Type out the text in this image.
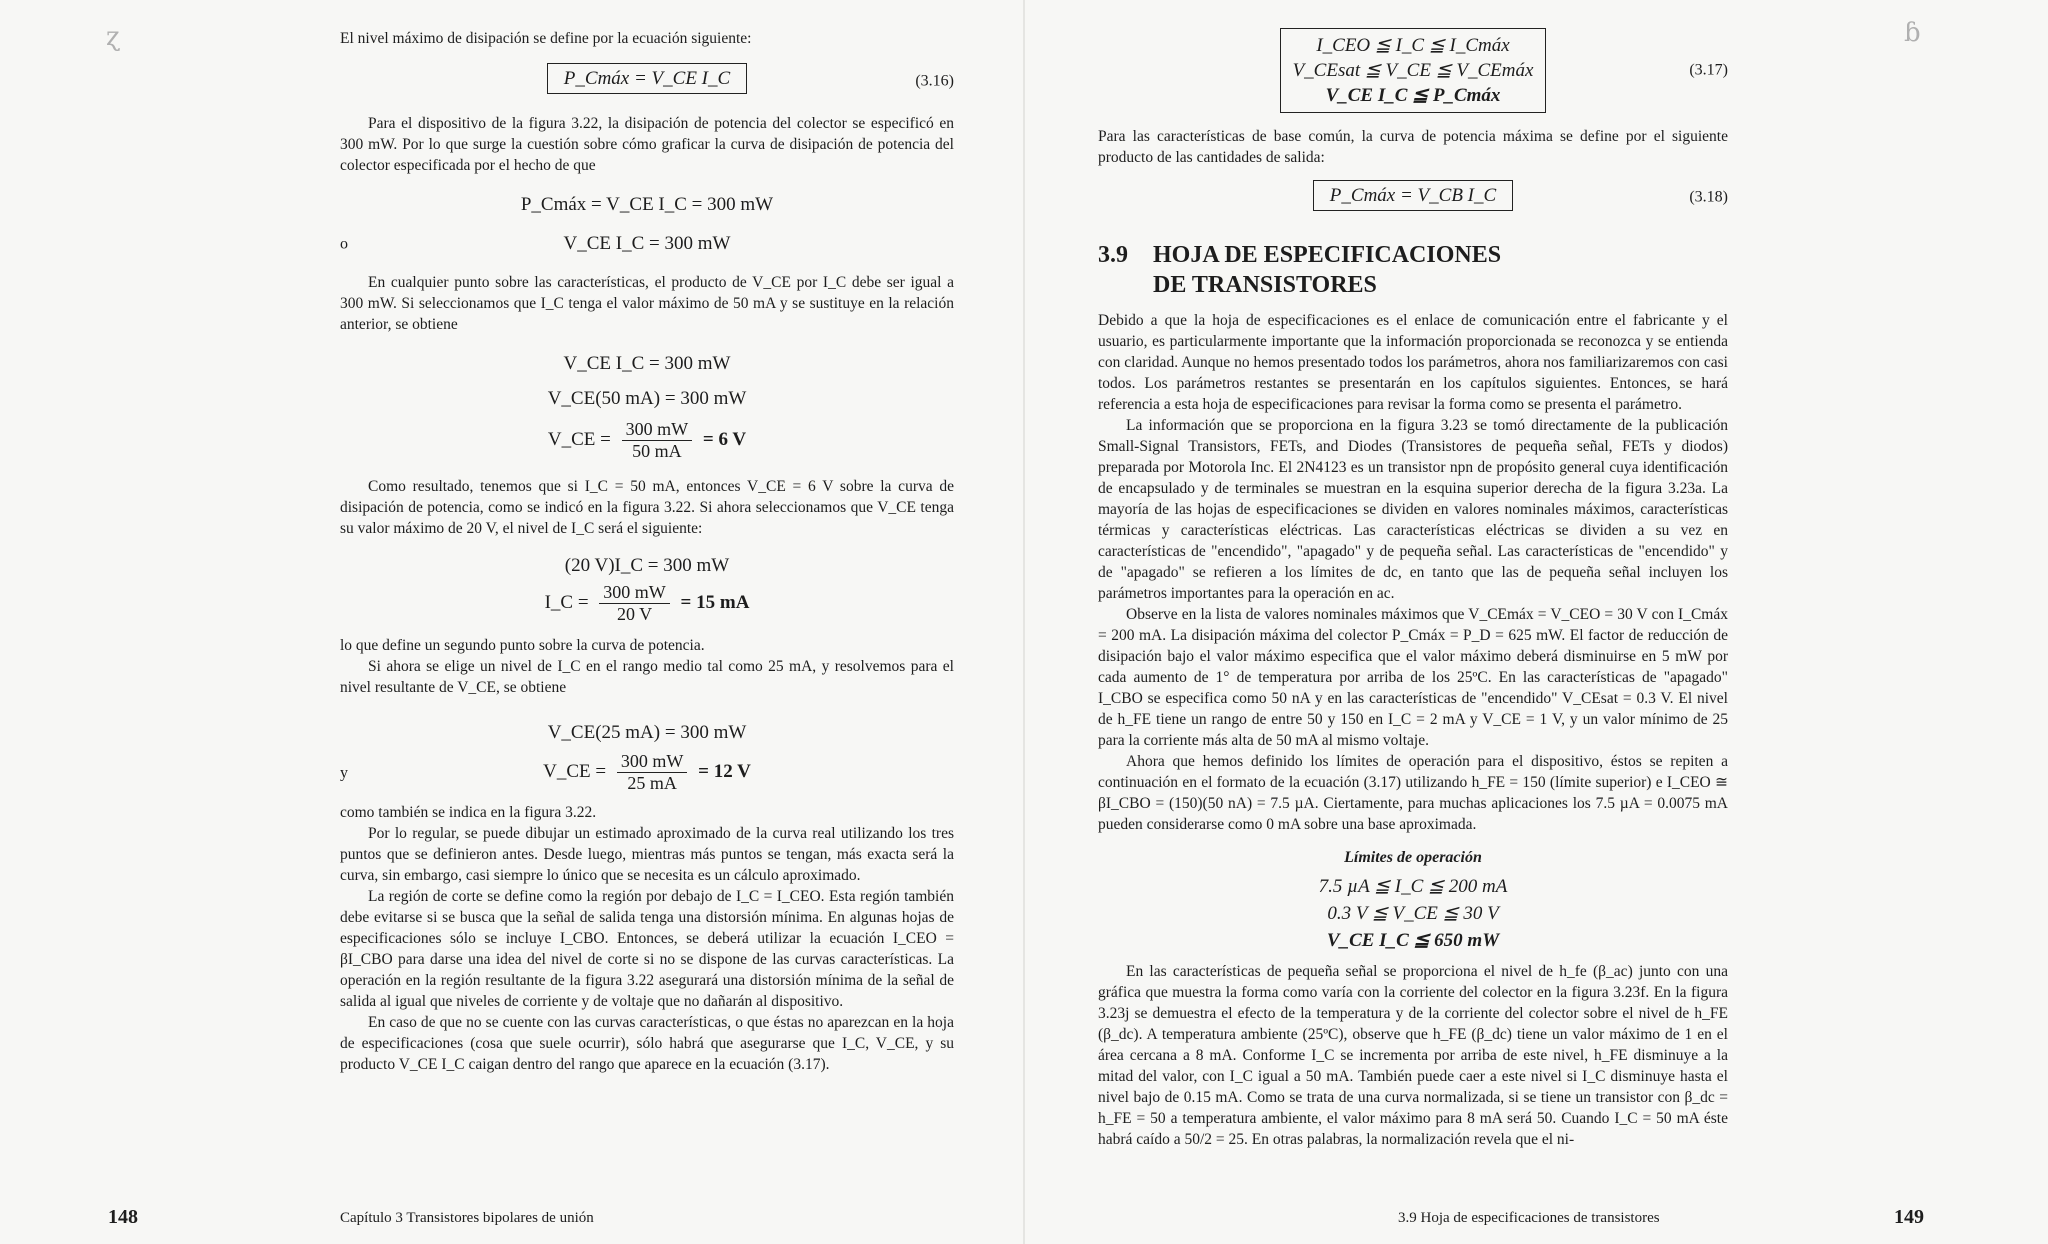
ɀ	El nivel máximo de disipación se define por la ecuación siguiente:

P_Cmáx = V_CE I_C	(3.16)

Para el dispositivo de la figura 3.22, la disipación de potencia del colector se especificó en 300 mW. Por lo que surge la cuestión sobre cómo graficar la curva de disipación de potencia del colector especificada por el hecho de que

P_Cmáx = V_CE I_C = 300 mW
o	V_CE I_C = 300 mW

En cualquier punto sobre las características, el producto de V_CE por I_C debe ser igual a 300 mW. Si seleccionamos que I_C tenga el valor máximo de 50 mA y se sustituye en la relación anterior, se obtiene

V_CE I_C = 300 mW
V_CE(50 mA) = 300 mW
V_CE = $\frac{300 mW}{50 mA} = 6$ V

Como resultado, tenemos que si I_C = 50 mA, entonces V_CE = 6 V sobre la curva de disipación de potencia, como se indicó en la figura 3.22. Si ahora seleccionamos que V_CE tenga su valor máximo de 20 V, el nivel de I_C será el siguiente:

(20 V)I_C = 300 mW
I_C = $\frac{300 mW}{20 V} = 15$ mA

lo que define un segundo punto sobre la curva de potencia.

Si ahora se elige un nivel de I_C en el rango medio tal como 25 mA, y resolvemos para el nivel resultante de V_CE, se obtiene

V_CE(25 mA) = 300 mW
y	V_CE = $\frac{300 mW}{25 mA} = 12$ V

como también se indica en la figura 3.22.

Por lo regular, se puede dibujar un estimado aproximado de la curva real utilizando los tres puntos que se definieron antes. Desde luego, mientras más puntos se tengan, más exacta será la curva, sin embargo, casi siempre lo único que se necesita es un cálculo aproximado.

La región de corte se define como la región por debajo de I_C = I_CEO. Esta región también debe evitarse si se busca que la señal de salida tenga una distorsión mínima. En algunas hojas de especificaciones sólo se incluye I_CBO. Entonces, se deberá utilizar la ecuación I_CEO = βI_CBO para darse una idea del nivel de corte si no se dispone de las curvas características. La operación en la región resultante de la figura 3.22 asegurará una distorsión mínima de la señal de salida al igual que niveles de corriente y de voltaje que no dañarán al dispositivo.

En caso de que no se cuente con las curvas características, o que éstas no aparezcan en la hoja de especificaciones (cosa que suele ocurrir), sólo habrá que asegurarse que I_C, V_CE, y su producto V_CE I_C caigan dentro del rango que aparece en la ecuación (3.17).

148	Capítulo 3 Transistores bipolares de unión
ɓ
I_CEO ≦ I_C ≦ I_Cmáx
V_CEsat ≦ V_CE ≦ V_CEmáx
V_CE I_C ≦ P_Cmáx
(3.17)

Para las características de base común, la curva de potencia máxima se define por el siguiente producto de las cantidades de salida:

P_Cmáx = V_CB I_C	(3.18)

3.9 HOJA DE ESPECIFICACIONES

DE TRANSISTORES

Debido a que la hoja de especificaciones es el enlace de comunicación entre el fabricante y el usuario, es particularmente importante que la información proporcionada se reconozca y se entienda con claridad. Aunque no hemos presentado todos los parámetros, ahora nos familiarizaremos con casi todos. Los parámetros restantes se presentarán en los capítulos siguientes. Entonces, se hará referencia a esta hoja de especificaciones para revisar la forma como se presenta el parámetro.

La información que se proporciona en la figura 3.23 se tomó directamente de la publicación Small-Signal Transistors, FETs, and Diodes (Transistores de pequeña señal, FETs y diodos) preparada por Motorola Inc. El 2N4123 es un transistor npn de propósito general cuya identificación de encapsulado y de terminales se muestran en la esquina superior derecha de la figura 3.23a. La mayoría de las hojas de especificaciones se dividen en valores nominales máximos, características térmicas y características eléctricas. Las características eléctricas se dividen a su vez en características de "encendido", "apagado" y de pequeña señal. Las características de "encendido" y de "apagado" se refieren a los límites de dc, en tanto que las de pequeña señal incluyen los parámetros importantes para la operación en ac.

Observe en la lista de valores nominales máximos que V_CEmáx = V_CEO = 30 V con I_Cmáx = 200 mA. La disipación máxima del colector P_Cmáx = P_D = 625 mW. El factor de reducción de disipación bajo el valor máximo especifica que el valor máximo deberá disminuirse en 5 mW por cada aumento de 1° de temperatura por arriba de los 25ºC. En las características de "apagado" I_CBO se especifica como 50 nA y en las características de "encendido" V_CEsat = 0.3 V. El nivel de h_FE tiene un rango de entre 50 y 150 en I_C = 2 mA y V_CE = 1 V, y un valor mínimo de 25 para la corriente más alta de 50 mA al mismo voltaje.

Ahora que hemos definido los límites de operación para el dispositivo, éstos se repiten a continuación en el formato de la ecuación (3.17) utilizando h_FE = 150 (límite superior) e I_CEO ≅ βI_CBO = (150)(50 nA) = 7.5 µA. Ciertamente, para muchas aplicaciones los 7.5 µA = 0.0075 mA pueden considerarse como 0 mA sobre una base aproximada.

Límites de operación

7.5 µA ≦ I_C ≦ 200 mA
0.3 V ≦ V_CE ≦ 30 V
V_CE I_C ≦ 650 mW

En las características de pequeña señal se proporciona el nivel de h_fe (β_ac) junto con una gráfica que muestra la forma como varía con la corriente del colector en la figura 3.23f. En la figura 3.23j se demuestra el efecto de la temperatura y de la corriente del colector sobre el nivel de h_FE (β_dc). A temperatura ambiente (25ºC), observe que h_FE (β_dc) tiene un valor máximo de 1 en el área cercana a 8 mA. Conforme I_C se incrementa por arriba de este nivel, h_FE disminuye a la mitad del valor, con I_C igual a 50 mA. También puede caer a este nivel si I_C disminuye hasta el nivel bajo de 0.15 mA. Como se trata de una curva normalizada, si se tiene un transistor con β_dc = h_FE = 50 a temperatura ambiente, el valor máximo para 8 mA será 50. Cuando I_C = 50 mA éste habrá caído a 50/2 = 25. En otras palabras, la normalización revela que el ni-

3.9 Hoja de especificaciones de transistores	149
